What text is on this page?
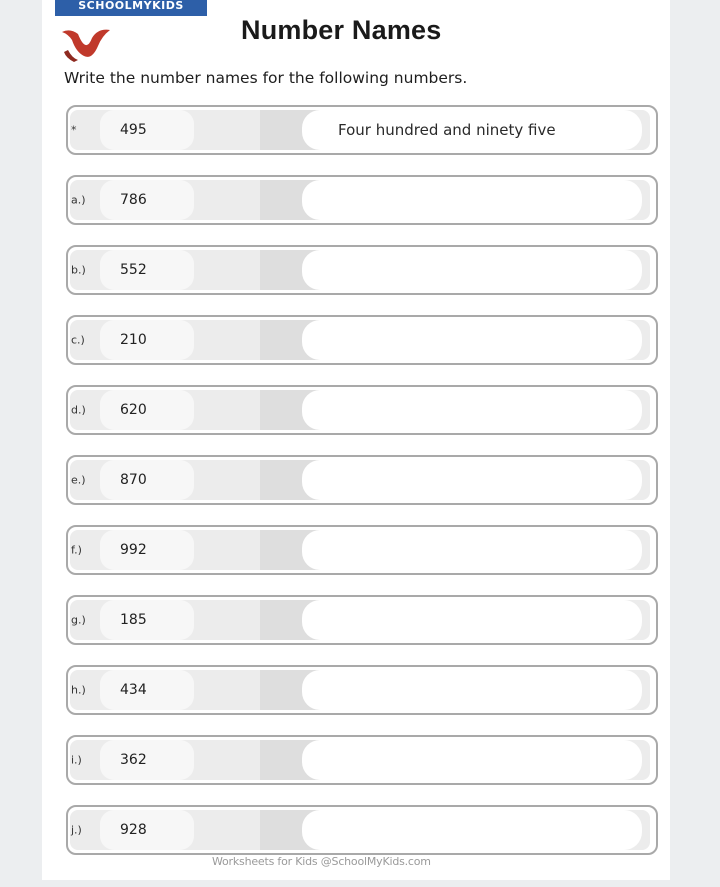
SCHOOLMYKIDS
Number Names
Write the number names for the following numbers.
*	495	Four hundred and ninety five
a.) 786
b.) 552
c.)	210
d.) 620
e.) 870
f.)	992
g.) 185
h.) 434
i.)	362
j.)	928
Worksheets for Kids @SchoolMyKids.com
